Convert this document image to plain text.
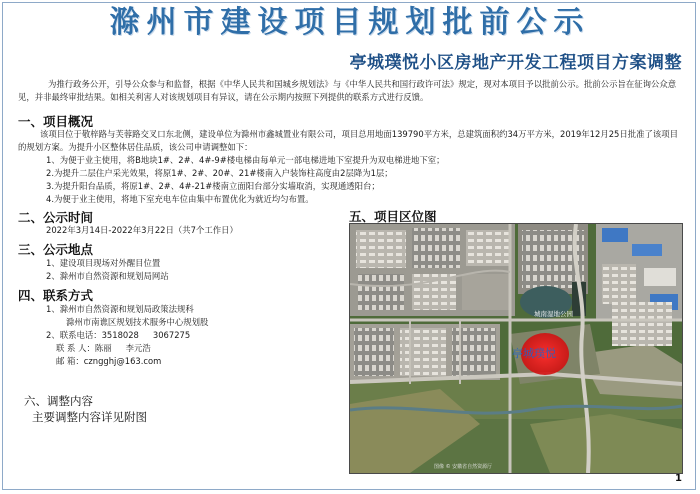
滁州市建设项目规划批前公示
亭城璞悦小区房地产开发工程项目方案调整

为推行政务公开，引导公众参与和监督，根据《中华人民共和国城乡规划法》与《中华人民共和国行政许可法》规定，现对本项目予以批前公示。批前公示旨在征询公众意见，并非最终审批结果。如相关利害人对该规划项目有异议，请在公示期内按照下列提供的联系方式进行反馈。

一、项目概况

该项目位于敬梓路与芙蓉路交叉口东北侧，建设单位为滁州市鑫城置业有限公司，项目总用地面139790平方米，总建筑面积约34万平方米，2019年12月25日批准了该项目的规划方案。为提升小区整体居住品质，该公司申请调整如下：

1、为便于业主使用，将B地块1#、2#、4#-9#楼电梯由每单元一部电梯进地下室提升为双电梯进地下室；

2.为提升二层住户采光效果，将原1#、2#、20#、21#楼南入户装饰柱高度由2层降为1层；

3.为提升阳台品质，将原1#、2#、4#-21#楼南立面阳台部分实墙取消，实现通透阳台；

4.为便于业主使用，将地下室充电车位由集中布置优化为就近均匀布置。

二、公示时间

2022年3月14日-2022年3月22日（共7个工作日）

三、公示地点

1、建设项目现场对外醒目位置

2、滁州市自然资源和规划局网站

四、联系方式

1、滁州市自然资源和规划局政策法规科

滁州市南谯区规划技术服务中心规划股

2、联系电话：3518028 3067275

联 系 人：陈丽 李元浩

邮 箱：czngghj@163.com

六、调整内容
主要调整内容详见附图
五、项目区位图
城南湿地公园
亭城璞悦
图像 © 安徽省自然资源厅
1
